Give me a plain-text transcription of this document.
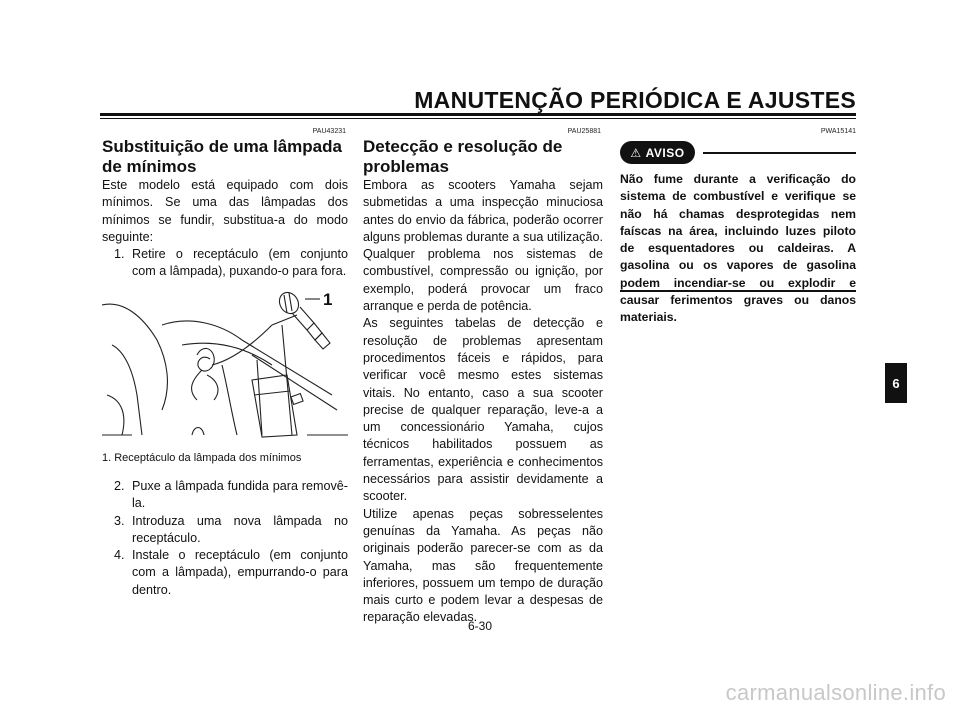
MANUTENÇÃO PERIÓDICA E AJUSTES
PAU43231
Substituição de uma lâmpada de mínimos

Este modelo está equipado com dois mínimos. Se uma das lâmpadas dos mínimos se fundir, substitua-a do modo seguinte:

1. Retire o receptáculo (em conjunto com a lâmpada), puxando-o para fora.
1
1. Receptáculo da lâmpada dos mínimos
2. Puxe a lâmpada fundida para removê-la.
3. Introduza uma nova lâmpada no receptáculo.
4. Instale o receptáculo (em conjunto com a lâmpada), empurrando-o para dentro.
PAU25881
Detecção e resolução de problemas

Embora as scooters Yamaha sejam submetidas a uma inspecção minuciosa antes do envio da fábrica, poderão ocorrer alguns problemas durante a sua utilização. Qualquer problema nos sistemas de combustível, compressão ou ignição, por exemplo, poderá provocar um fraco arranque e perda de potência.

As seguintes tabelas de detecção e resolução de problemas apresentam procedimentos fáceis e rápidos, para verificar você mesmo estes sistemas vitais. No entanto, caso a sua scooter precise de qualquer reparação, leve-a a um concessionário Yamaha, cujos técnicos habilitados possuem as ferramentas, experiência e conhecimentos necessários para assistir devidamente a scooter.

Utilize apenas peças sobresselentes genuínas da Yamaha. As peças não originais poderão parecer-se com as da Yamaha, mas são frequentemente inferiores, possuem um tempo de duração mais curto e podem levar a despesas de reparação elevadas.

PWA15141
⚠ AVISO
Não fume durante a verificação do sistema de combustível e verifique se não há chamas desprotegidas nem faíscas na área, incluindo luzes piloto de esquentadores ou caldeiras. A gasolina ou os vapores de gasolina podem incendiar-se ou explodir e causar ferimentos graves ou danos materiais.
6
6-30
carmanualsonline.info
